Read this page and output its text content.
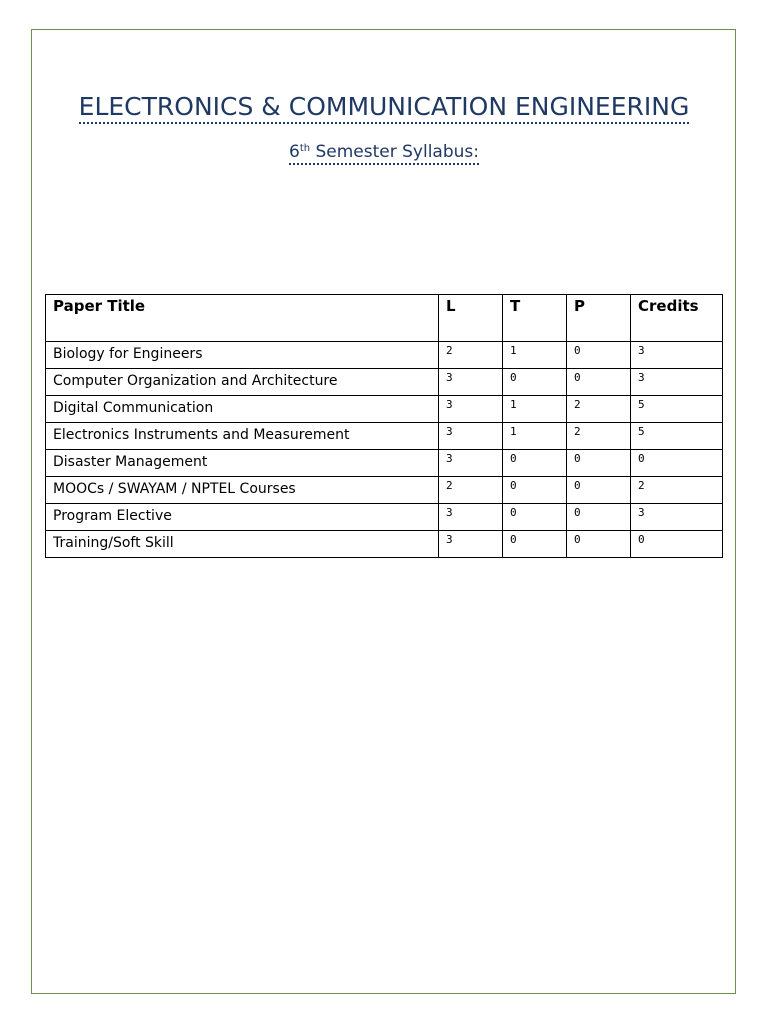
ELECTRONICS & COMMUNICATION ENGINEERING
6th Semester Syllabus:
Paper Title	L	T	P	Credits
Biology for Engineers	2	1	0	3
Computer Organization and Architecture	3	0	0	3
Digital Communication	3	1	2	5
Electronics Instruments and Measurement	3	1	2	5
Disaster Management	3	0	0	0
MOOCs / SWAYAM / NPTEL Courses	2	0	0	2
Program Elective	3	0	0	3
Training/Soft Skill	3	0	0	0
